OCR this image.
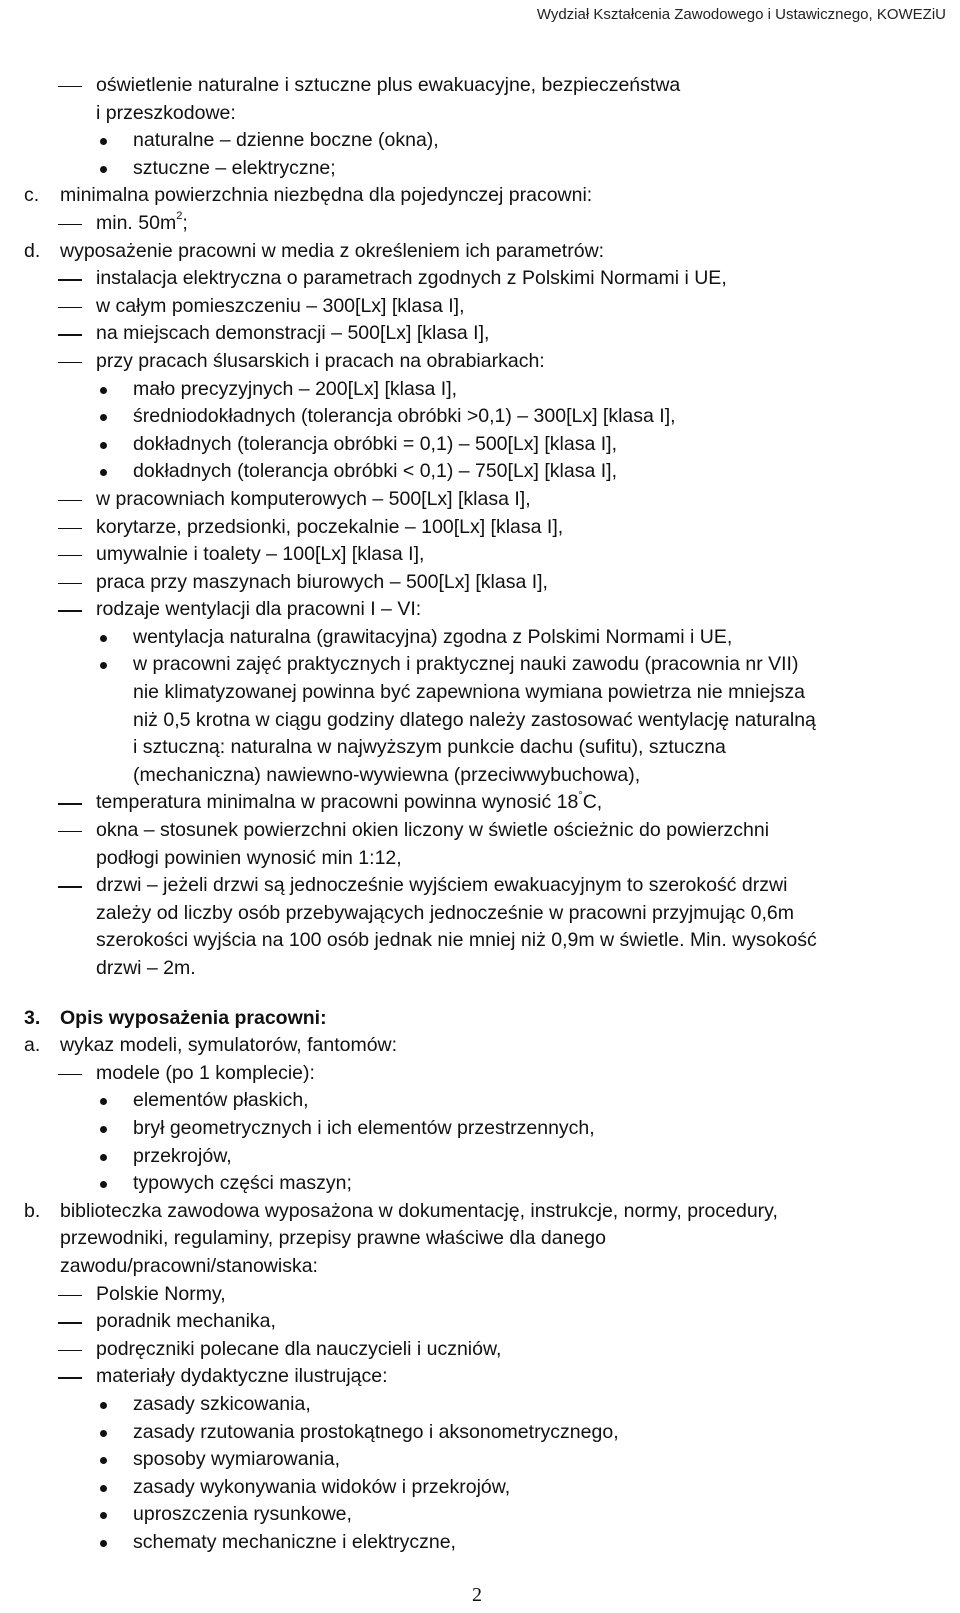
Wydział Kształcenia Zawodowego i Ustawicznego, KOWEZiU
oświetlenie naturalne i sztuczne plus ewakuacyjne, bezpieczeństwa
i przeszkodowe:
naturalne – dzienne boczne (okna),
sztuczne – elektryczne;
c. minimalna powierzchnia niezbędna dla pojedynczej pracowni:
min. $50m^2$;
d. wyposażenie pracowni w media z określeniem ich parametrów:
instalacja elektryczna o parametrach zgodnych z Polskimi Normami i UE,
w całym pomieszczeniu – 300[Lx] [klasa I],
na miejscach demonstracji – 500[Lx] [klasa I],
przy pracach ślusarskich i pracach na obrabiarkach:
mało precyzyjnych – 200[Lx] [klasa I],
średniodokładnych (tolerancja obróbki >0,1) – 300[Lx] [klasa I],
dokładnych (tolerancja obróbki = 0,1) – 500[Lx] [klasa I],
dokładnych (tolerancja obróbki < 0,1) – 750[Lx] [klasa I],
w pracowniach komputerowych – 500[Lx] [klasa I],
korytarze, przedsionki, poczekalnie – 100[Lx] [klasa I],
umywalnie i toalety – 100[Lx] [klasa I],
praca przy maszynach biurowych – 500[Lx] [klasa I],
rodzaje wentylacji dla pracowni I – VI:
wentylacja naturalna (grawitacyjna) zgodna z Polskimi Normami i UE,
w pracowni zajęć praktycznych i praktycznej nauki zawodu (pracownia nr VII)
nie klimatyzowanej powinna być zapewniona wymiana powietrza nie mniejsza
niż 0,5 krotna w ciągu godziny dlatego należy zastosować wentylację naturalną
i sztuczną: naturalna w najwyższym punkcie dachu (sufitu), sztuczna
(mechaniczna) nawiewno-wywiewna (przeciwwybuchowa),
temperatura minimalna w pracowni powinna wynosić 18°C,
okna – stosunek powierzchni okien liczony w świetle ościeżnic do powierzchni
podłogi powinien wynosić min 1:12,
drzwi – jeżeli drzwi są jednocześnie wyjściem ewakuacyjnym to szerokość drzwi
zależy od liczby osób przebywających jednocześnie w pracowni przyjmując 0,6m
szerokości wyjścia na 100 osób jednak nie mniej niż 0,9m w świetle. Min. wysokość
drzwi – 2m.
3. Opis wyposażenia pracowni:
a. wykaz modeli, symulatorów, fantomów:
modele (po 1 komplecie):
elementów płaskich,
brył geometrycznych i ich elementów przestrzennych,
przekrojów,
typowych części maszyn;
b. biblioteczka zawodowa wyposażona w dokumentację, instrukcje, normy, procedury,
przewodniki, regulaminy, przepisy prawne właściwe dla danego
zawodu/pracowni/stanowiska:
Polskie Normy,
poradnik mechanika,
podręczniki polecane dla nauczycieli i uczniów,
materiały dydaktyczne ilustrujące:
zasady szkicowania,
zasady rzutowania prostokątnego i aksonometrycznego,
sposoby wymiarowania,
zasady wykonywania widoków i przekrojów,
uproszczenia rysunkowe,
schematy mechaniczne i elektryczne,
2
